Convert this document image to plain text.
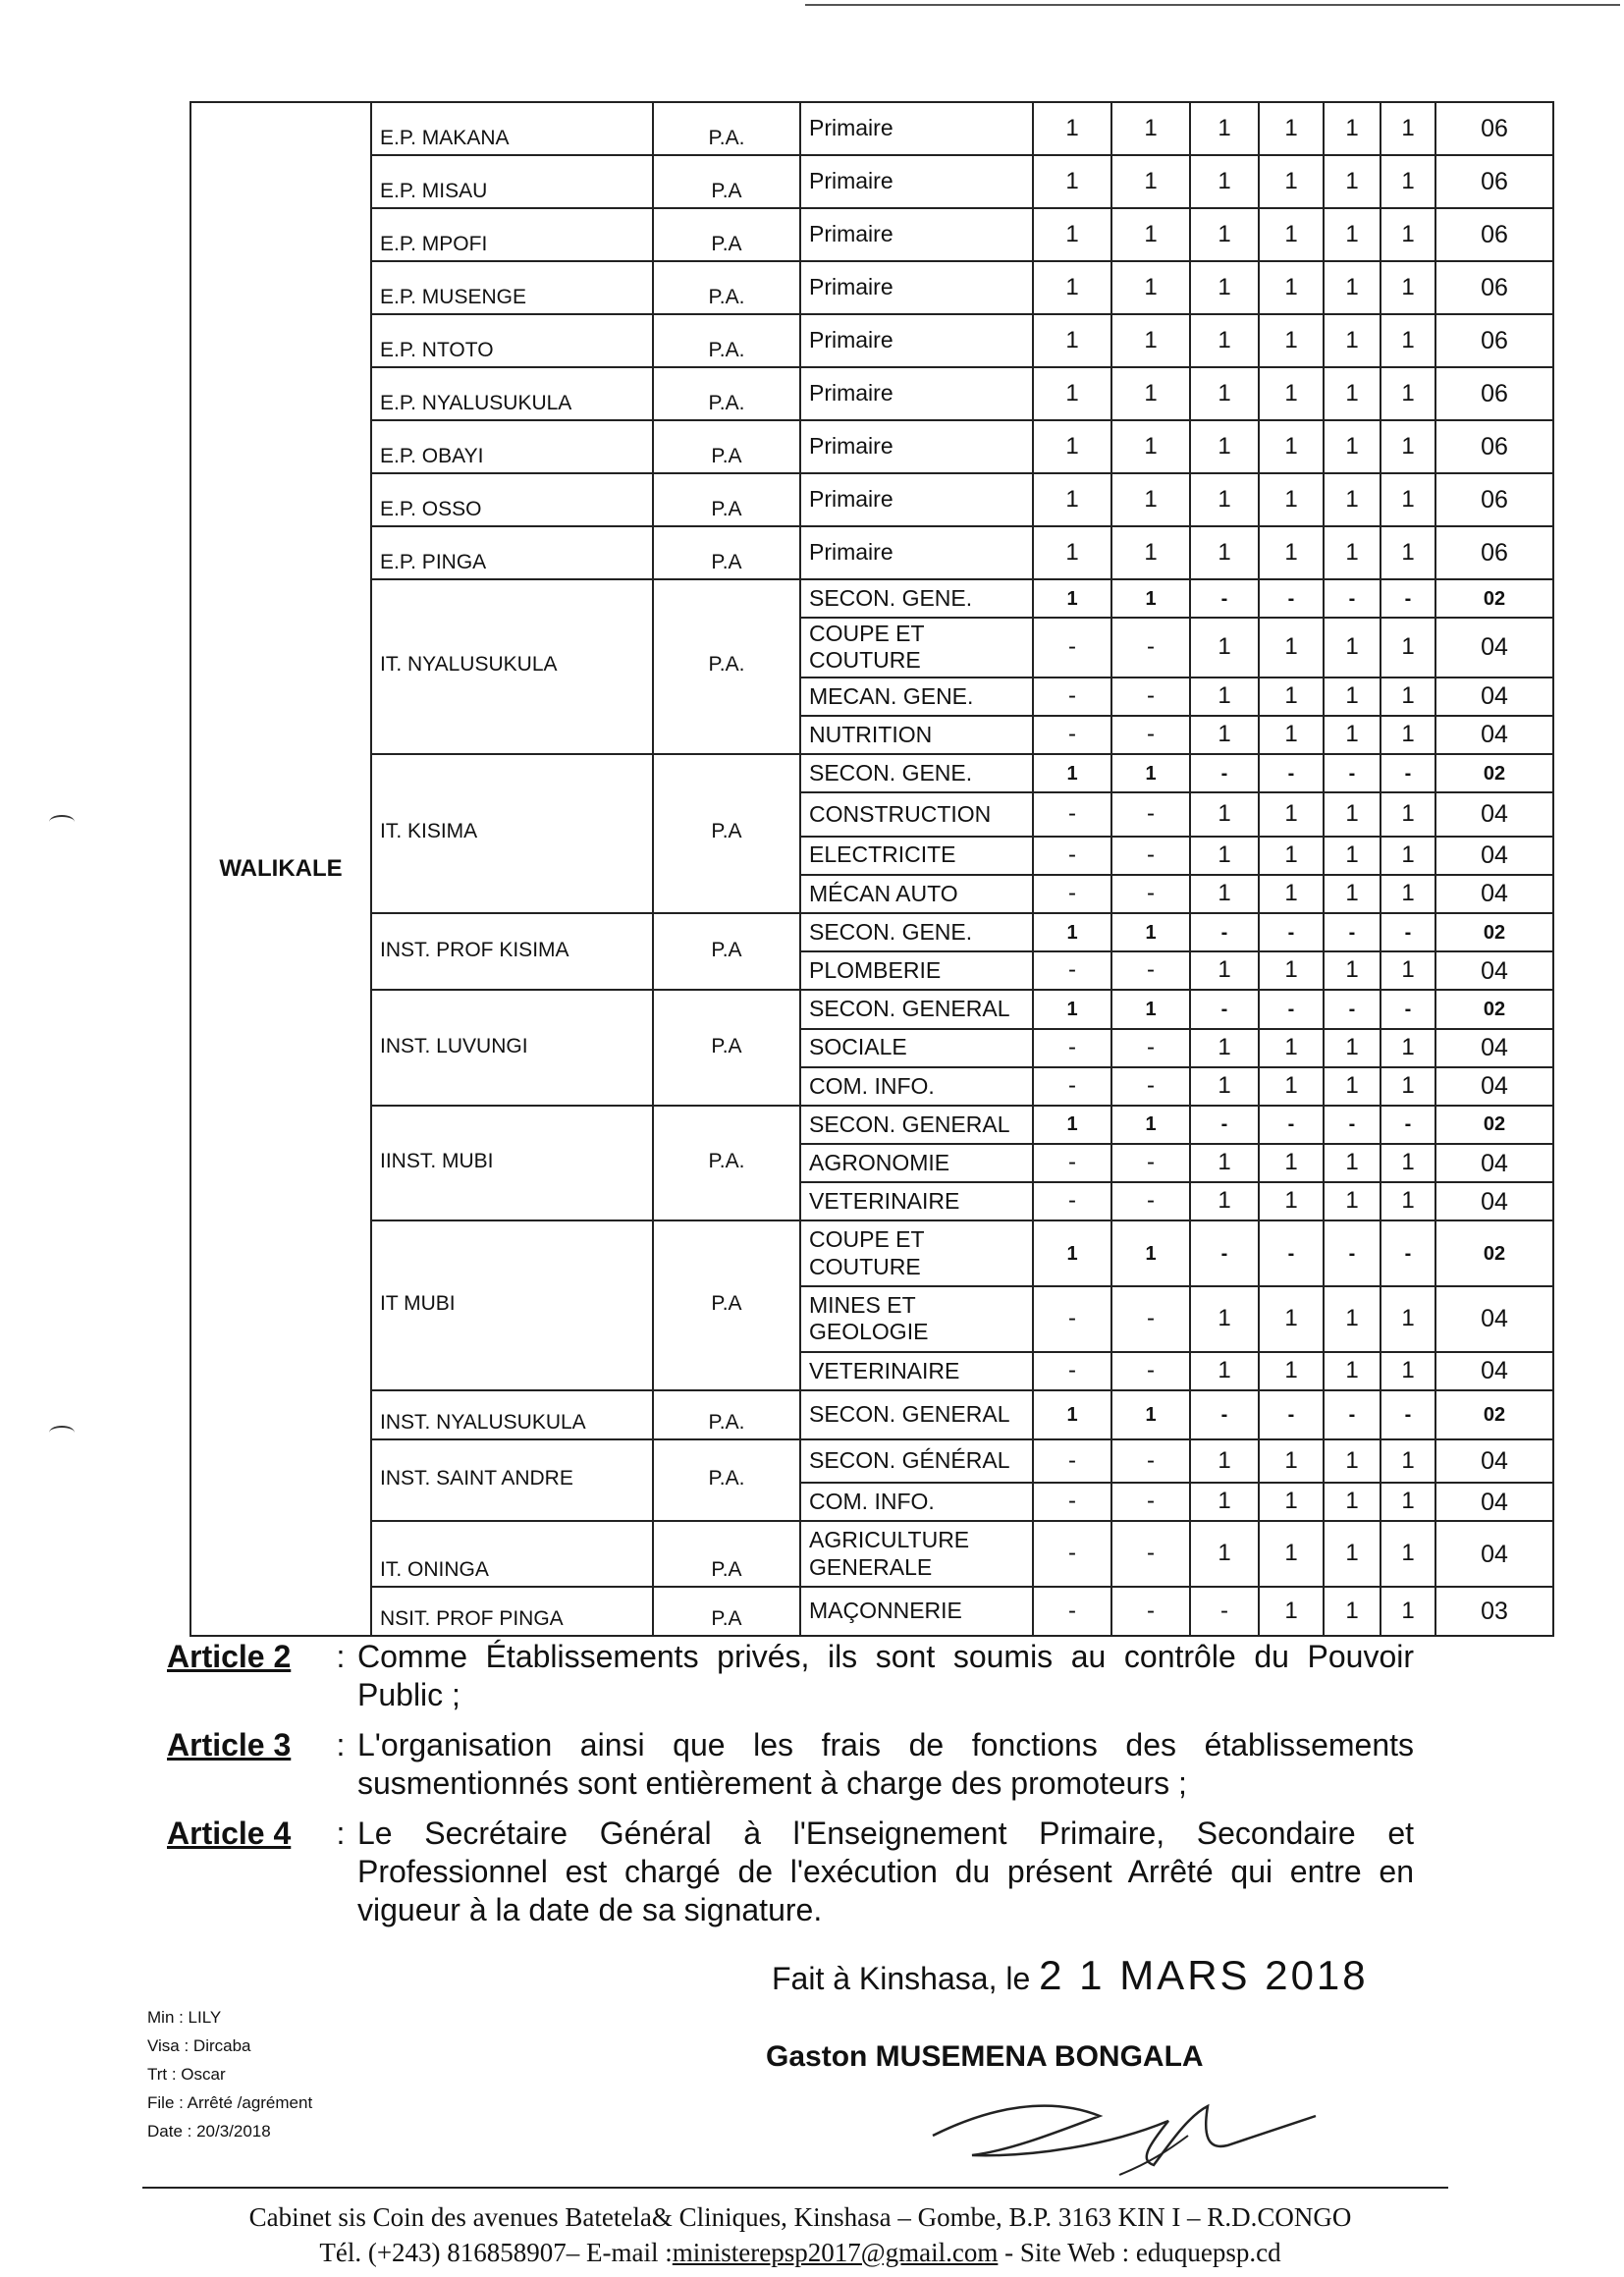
WALIKALE	E.P. MAKANA	P.A.	Primaire	1	1	1	1	1	1	06
	E.P. MISAU	P.A	Primaire	1	1	1	1	1	1	06
	E.P. MPOFI	P.A	Primaire	1	1	1	1	1	1	06
	E.P. MUSENGE	P.A.	Primaire	1	1	1	1	1	1	06
	E.P. NTOTO	P.A.	Primaire	1	1	1	1	1	1	06
	E.P. NYALUSUKULA	P.A.	Primaire	1	1	1	1	1	1	06
	E.P. OBAYI	P.A	Primaire	1	1	1	1	1	1	06
	E.P. OSSO	P.A	Primaire	1	1	1	1	1	1	06
	E.P. PINGA	P.A	Primaire	1	1	1	1	1	1	06
	IT. NYALUSUKULA	P.A.	SECON. GENE.	1	1	-	-	-	-	02
			COUPE ET COUTURE	-	-	1	1	1	1	04
			MECAN. GENE.	-	-	1	1	1	1	04
			NUTRITION	-	-	1	1	1	1	04
	IT. KISIMA	P.A	SECON. GENE.	1	1	-	-	-	-	02
			CONSTRUCTION	-	-	1	1	1	1	04
			ELECTRICITE	-	-	1	1	1	1	04
			MÉCAN AUTO	-	-	1	1	1	1	04
	INST. PROF KISIMA	P.A	SECON. GENE.	1	1	-	-	-	-	02
			PLOMBERIE	-	-	1	1	1	1	04
	INST. LUVUNGI	P.A	SECON. GENERAL	1	1	-	-	-	-	02
			SOCIALE	-	-	1	1	1	1	04
			COM. INFO.	-	-	1	1	1	1	04
	IINST. MUBI	P.A.	SECON. GENERAL	1	1	-	-	-	-	02
			AGRONOMIE	-	-	1	1	1	1	04
			VETERINAIRE	-	-	1	1	1	1	04
	IT MUBI	P.A	COUPE ET COUTURE	1	1	-	-	-	-	02
			MINES ET GEOLOGIE	-	-	1	1	1	1	04
			VETERINAIRE	-	-	1	1	1	1	04
	INST. NYALUSUKULA	P.A.	SECON. GENERAL	1	1	-	-	-	-	02
	INST. SAINT ANDRE	P.A.	SECON. GÉNÉRAL	-	-	1	1	1	1	04
			COM. INFO.	-	-	1	1	1	1	04
	IT. ONINGA	P.A	AGRICULTURE GENERALE	-	-	1	1	1	1	04
	NSIT. PROF PINGA	P.A	MAÇONNERIE	-	-	-	1	1	1	03
Article 2	: Comme Établissements privés, ils sont soumis au contrôle du Pouvoir Public ;
Article 3	: L'organisation ainsi que les frais de fonctions des établissements susmentionnés sont entièrement à charge des promoteurs ;
Article 4	: Le Secrétaire Général à l'Enseignement Primaire, Secondaire et Professionnel est chargé de l'exécution du présent Arrêté qui entre en vigueur à la date de sa signature.
Fait à Kinshasa, le 2 1 MARS 2018
Gaston MUSEMENA BONGALA
Min : LILY
Visa : Dircaba
Trt : Oscar
File : Arrêté /agrément
Date : 20/3/2018
Cabinet sis Coin des avenues Batetela& Cliniques, Kinshasa – Gombe, B.P. 3163 KIN I – R.D.CONGO
Tél. (+243) 816858907– E-mail :ministerepsp2017@gmail.com - Site Web : eduquepsp.cd
